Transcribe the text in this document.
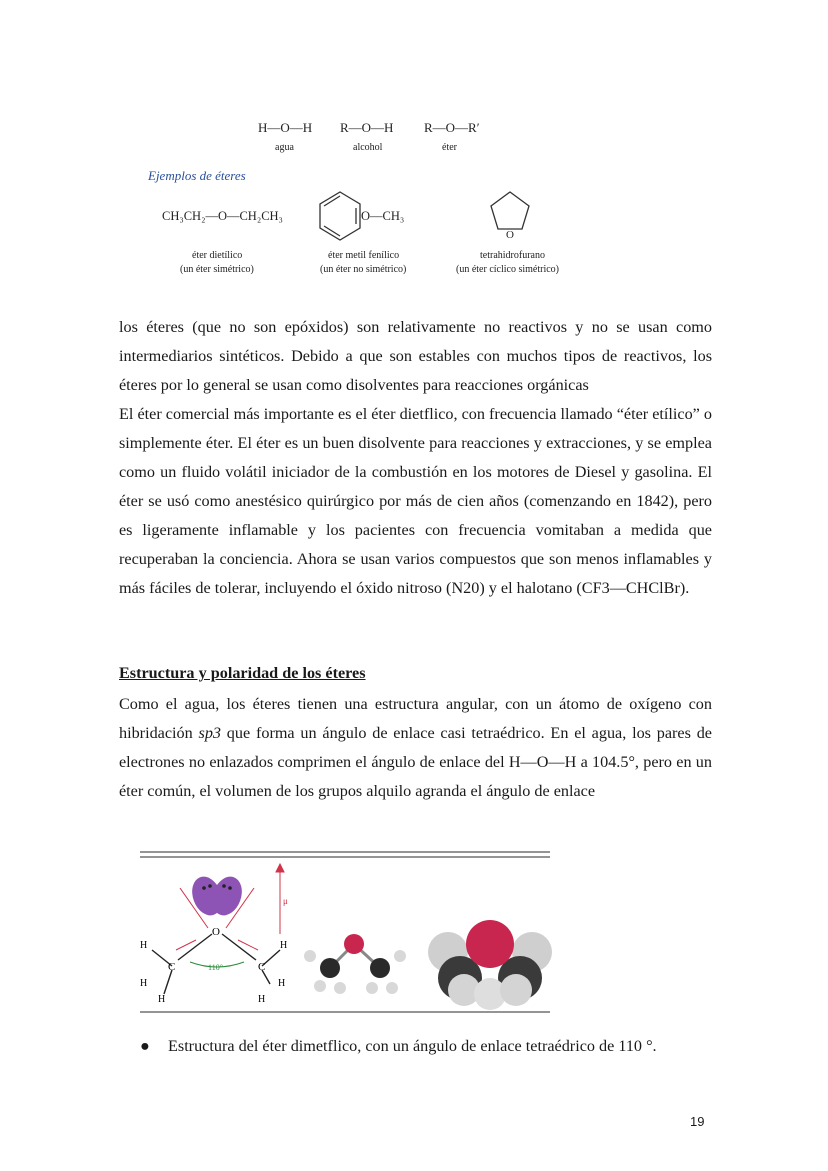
H—O—H R—O—H R—O—R′
agua	alcohol	éter
Ejemplos de éteres
CH₃CH₂—O—CH₂CH₃	O—CH₃
O
éter dietílico
(un éter simétrico)
éter metil fenílico
(un éter no simétrico)
tetrahidrofurano
(un éter cíclico simétrico)

los éteres (que no son epóxidos) son relativamente no reactivos y no se usan como intermediarios sintéticos. Debido a que son estables con muchos tipos de reactivos, los éteres por lo general se usan como disolventes para reacciones orgánicas

El éter comercial más importante es el éter dietflico, con frecuencia llamado “éter etílico” o simplemente éter. El éter es un buen disolvente para reacciones y extracciones, y se emplea como un fluido volátil iniciador de la combustión en los motores de Diesel y gasolina. El éter se usó como anestésico quirúrgico por más de cien años (comenzando en 1842), pero es ligeramente inflamable y los pacientes con frecuencia vomitaban a medida que recuperaban la conciencia. Ahora se usan varios compuestos que son menos inflamables y más fáciles de tolerar, incluyendo el óxido nitroso (N20) y el halotano (CF3—CHClBr).

Estructura y polaridad de los éteres

Como el agua, los éteres tienen una estructura angular, con un átomo de oxígeno con hibridación sp3 que forma un ángulo de enlace casi tetraédrico. En el agua, los pares de electrones no enlazados comprimen el ángulo de enlace del H—O—H a 104.5°, pero en un éter común, el volumen de los grupos alquilo agranda el ángulo de enlace

μ
O
C	C
110°
H
H
H
H
H
H
● Estructura del éter dimetflico, con un ángulo de enlace tetraédrico de 110 °.
19
